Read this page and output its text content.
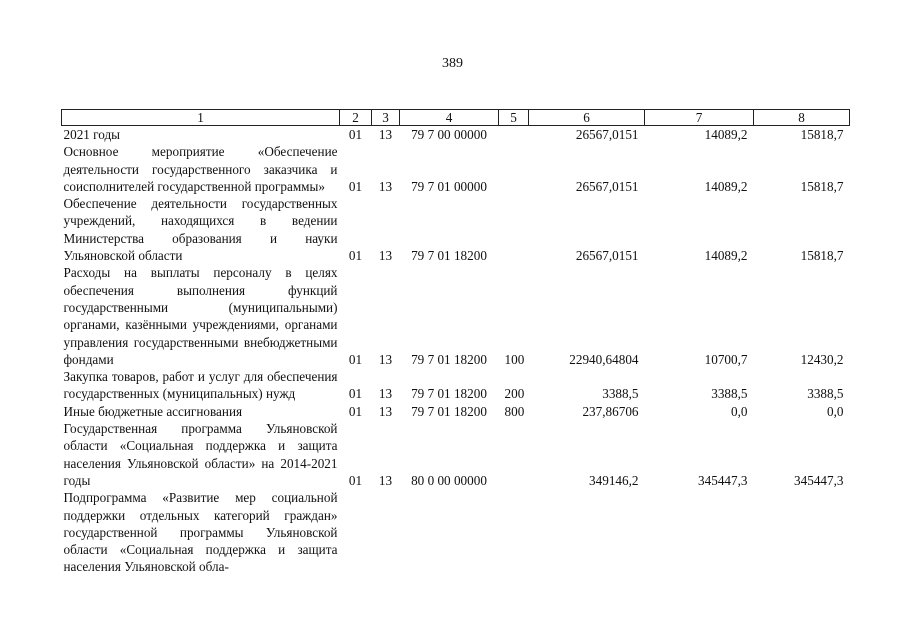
389
1	2	3	4	5	6	7	8
2021 годы	01	13	79 7 00 00000		26567,0151	14089,2	15818,7
Основное мероприятие «Обеспечение деятельности государственного заказчика и соисполнителей государственной программы»	01	13	79 7 01 00000		26567,0151	14089,2	15818,7
Обеспечение деятельности государственных учреждений, находящихся в ведении Министерства образования и науки Ульяновской области	01	13	79 7 01 18200		26567,0151	14089,2	15818,7
Расходы на выплаты персоналу в целях обеспечения выполнения функций государственными (муниципальными) органами, казёнными учреждениями, органами управления государственными внебюджетными фондами	01	13	79 7 01 18200	100	22940,64804	10700,7	12430,2
Закупка товаров, работ и услуг для обеспечения государственных (муниципальных) нужд	01	13	79 7 01 18200	200	3388,5	3388,5	3388,5
Иные бюджетные ассигнования	01	13	79 7 01 18200	800	237,86706	0,0	0,0
Государственная программа Ульяновской области «Социальная поддержка и защита населения Ульяновской области» на 2014-2021 годы	01	13	80 0 00 00000		349146,2	345447,3	345447,3
Подпрограмма «Развитие мер социальной поддержки отдельных категорий граждан» государственной программы Ульяновской области «Социальная поддержка и защита населения Ульяновской обла-							
